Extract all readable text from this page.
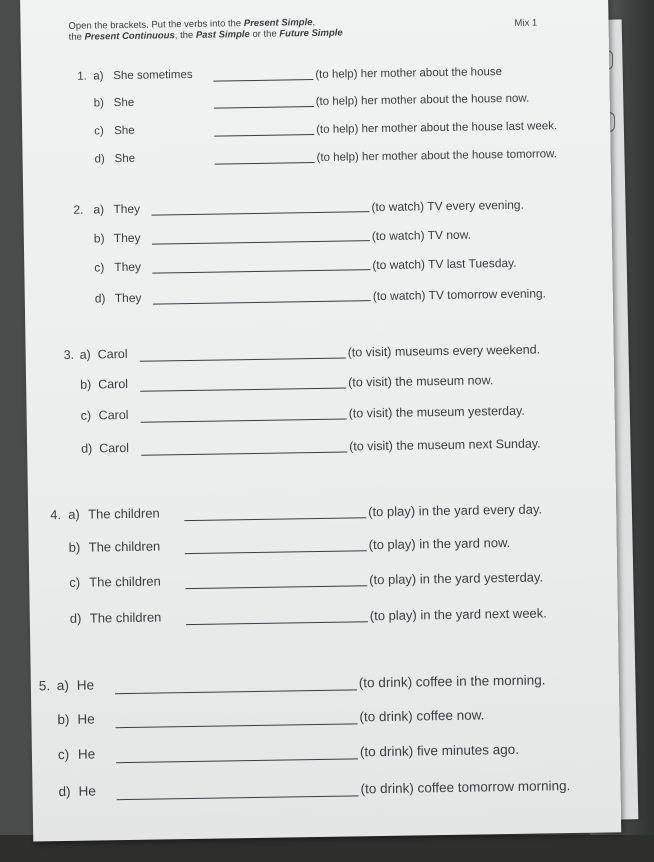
Open the brackets. Put the verbs into the Present Simple,
the Present Continuous, the Past Simple or the Future Simple
Mix 1
1. a) She sometimes	(to help) her mother about the house
b) She	(to help) her mother about the house now.
c) She	(to help) her mother about the house last week.
d) She	(to help) her mother about the house tomorrow.
2. a) They	(to watch) TV every evening.
b) They	(to watch) TV now.
c) They	(to watch) TV last Tuesday.
d) They	(to watch) TV tomorrow evening.
3. a) Carol	(to visit) museums every weekend.
b) Carol	(to visit) the museum now.
c) Carol	(to visit) the museum yesterday.
d) Carol	(to visit) the museum next Sunday.
4. a) The children	(to play) in the yard every day.
b) The children	(to play) in the yard now.
c) The children	(to play) in the yard yesterday.
d) The children	(to play) in the yard next week.
5. a) He	(to drink) coffee in the morning.
b) He	(to drink) coffee now.
c) He	(to drink) five minutes ago.
d) He	(to drink) coffee tomorrow morning.
